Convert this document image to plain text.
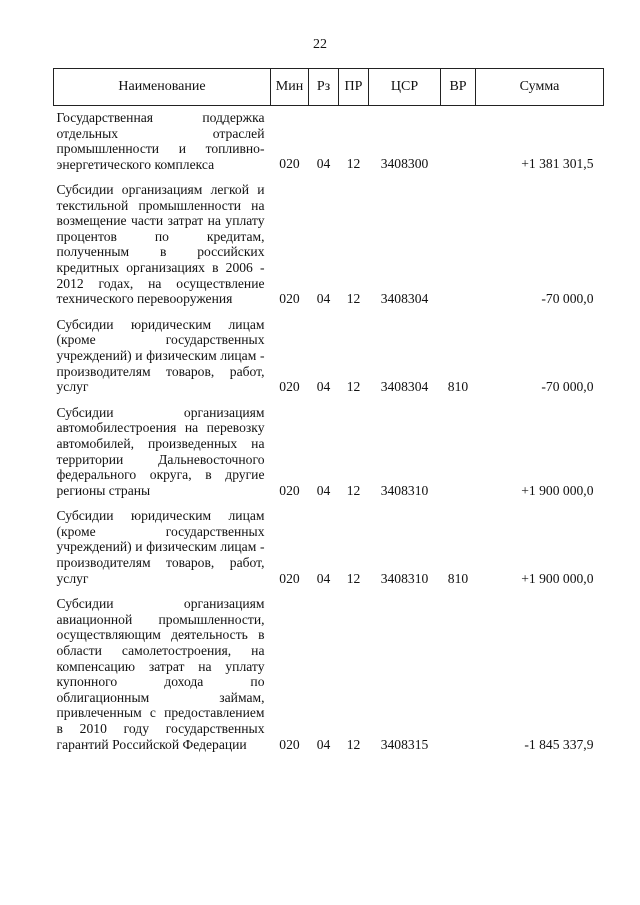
22
Наименование	Мин	Рз	ПР	ЦСР	ВР	Сумма

Государственная поддержка отдельных отраслей промышленности и топливно-энергетического комплекса	020	04	12	3408300		+1 381 301,5

Субсидии организациям легкой и текстильной промышленности на возмещение части затрат на уплату процентов по кредитам, полученным в российских кредитных организациях в 2006 - 2012 годах, на осуществление технического перевооружения	020	04	12	3408304		-70 000,0

Субсидии юридическим лицам (кроме государственных учреждений) и физическим лицам - производителям товаров, работ, услуг	020	04	12	3408304	810	-70 000,0

Субсидии организациям автомобилестроения на перевозку автомобилей, произведенных на территории Дальневосточного федерального округа, в другие регионы страны	020	04	12	3408310		+1 900 000,0

Субсидии юридическим лицам (кроме государственных учреждений) и физическим лицам - производителям товаров, работ, услуг	020	04	12	3408310	810	+1 900 000,0

Субсидии организациям авиационной промышленности, осуществляющим деятельность в области самолетостроения, на компенсацию затрат на уплату купонного дохода по облигационным займам, привлеченным с предоставлением в 2010 году государственных гарантий Российской Федерации	020	04	12	3408315		-1 845 337,9
